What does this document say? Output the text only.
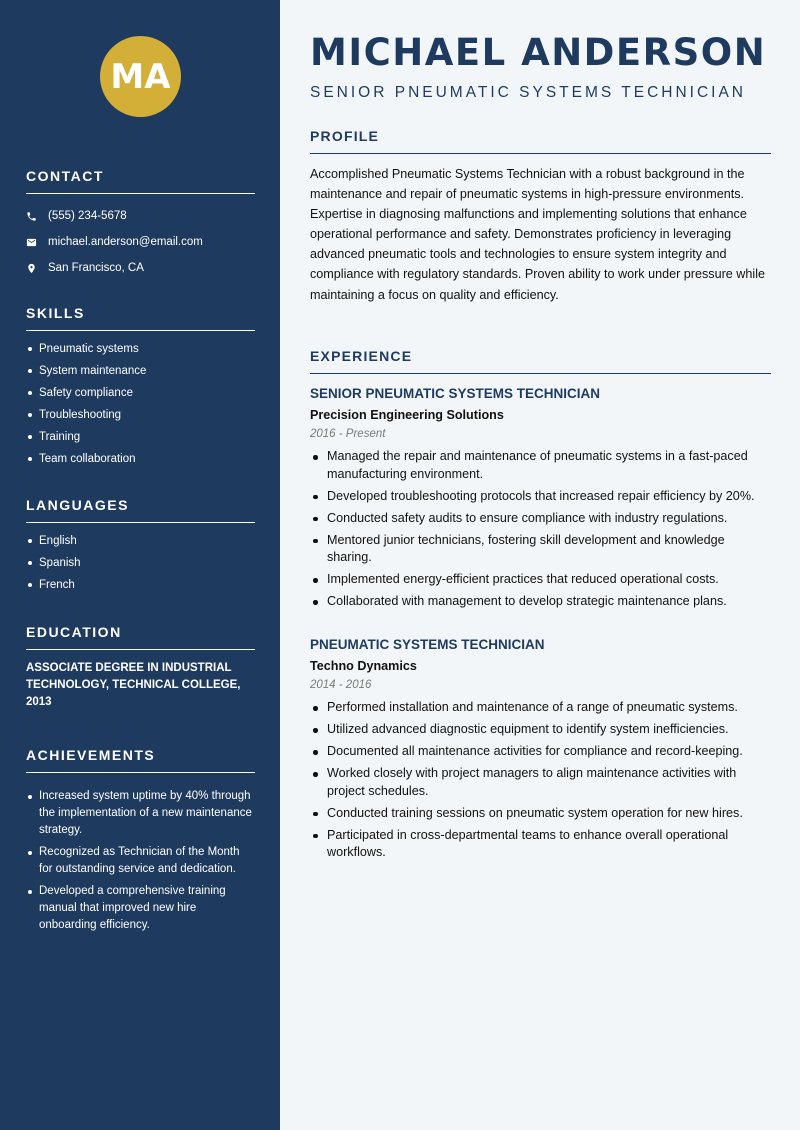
MA
CONTACT
(555) 234-5678
michael.anderson@email.com
San Francisco, CA
SKILLS
Pneumatic systems
System maintenance
Safety compliance
Troubleshooting
Training
Team collaboration
LANGUAGES
English
Spanish
French
EDUCATION
ASSOCIATE DEGREE IN INDUSTRIAL TECHNOLOGY, TECHNICAL COLLEGE, 2013
ACHIEVEMENTS
Increased system uptime by 40% through the implementation of a new maintenance strategy.
Recognized as Technician of the Month for outstanding service and dedication.
Developed a comprehensive training manual that improved new hire onboarding efficiency.
MICHAEL ANDERSON
SENIOR PNEUMATIC SYSTEMS TECHNICIAN
PROFILE
Accomplished Pneumatic Systems Technician with a robust background in the maintenance and repair of pneumatic systems in high-pressure environments. Expertise in diagnosing malfunctions and implementing solutions that enhance operational performance and safety. Demonstrates proficiency in leveraging advanced pneumatic tools and technologies to ensure system integrity and compliance with regulatory standards. Proven ability to work under pressure while maintaining a focus on quality and efficiency.
EXPERIENCE
SENIOR PNEUMATIC SYSTEMS TECHNICIAN
Precision Engineering Solutions
2016 - Present
Managed the repair and maintenance of pneumatic systems in a fast-paced manufacturing environment.
Developed troubleshooting protocols that increased repair efficiency by 20%.
Conducted safety audits to ensure compliance with industry regulations.
Mentored junior technicians, fostering skill development and knowledge sharing.
Implemented energy-efficient practices that reduced operational costs.
Collaborated with management to develop strategic maintenance plans.
PNEUMATIC SYSTEMS TECHNICIAN
Techno Dynamics
2014 - 2016
Performed installation and maintenance of a range of pneumatic systems.
Utilized advanced diagnostic equipment to identify system inefficiencies.
Documented all maintenance activities for compliance and record-keeping.
Worked closely with project managers to align maintenance activities with project schedules.
Conducted training sessions on pneumatic system operation for new hires.
Participated in cross-departmental teams to enhance overall operational workflows.
